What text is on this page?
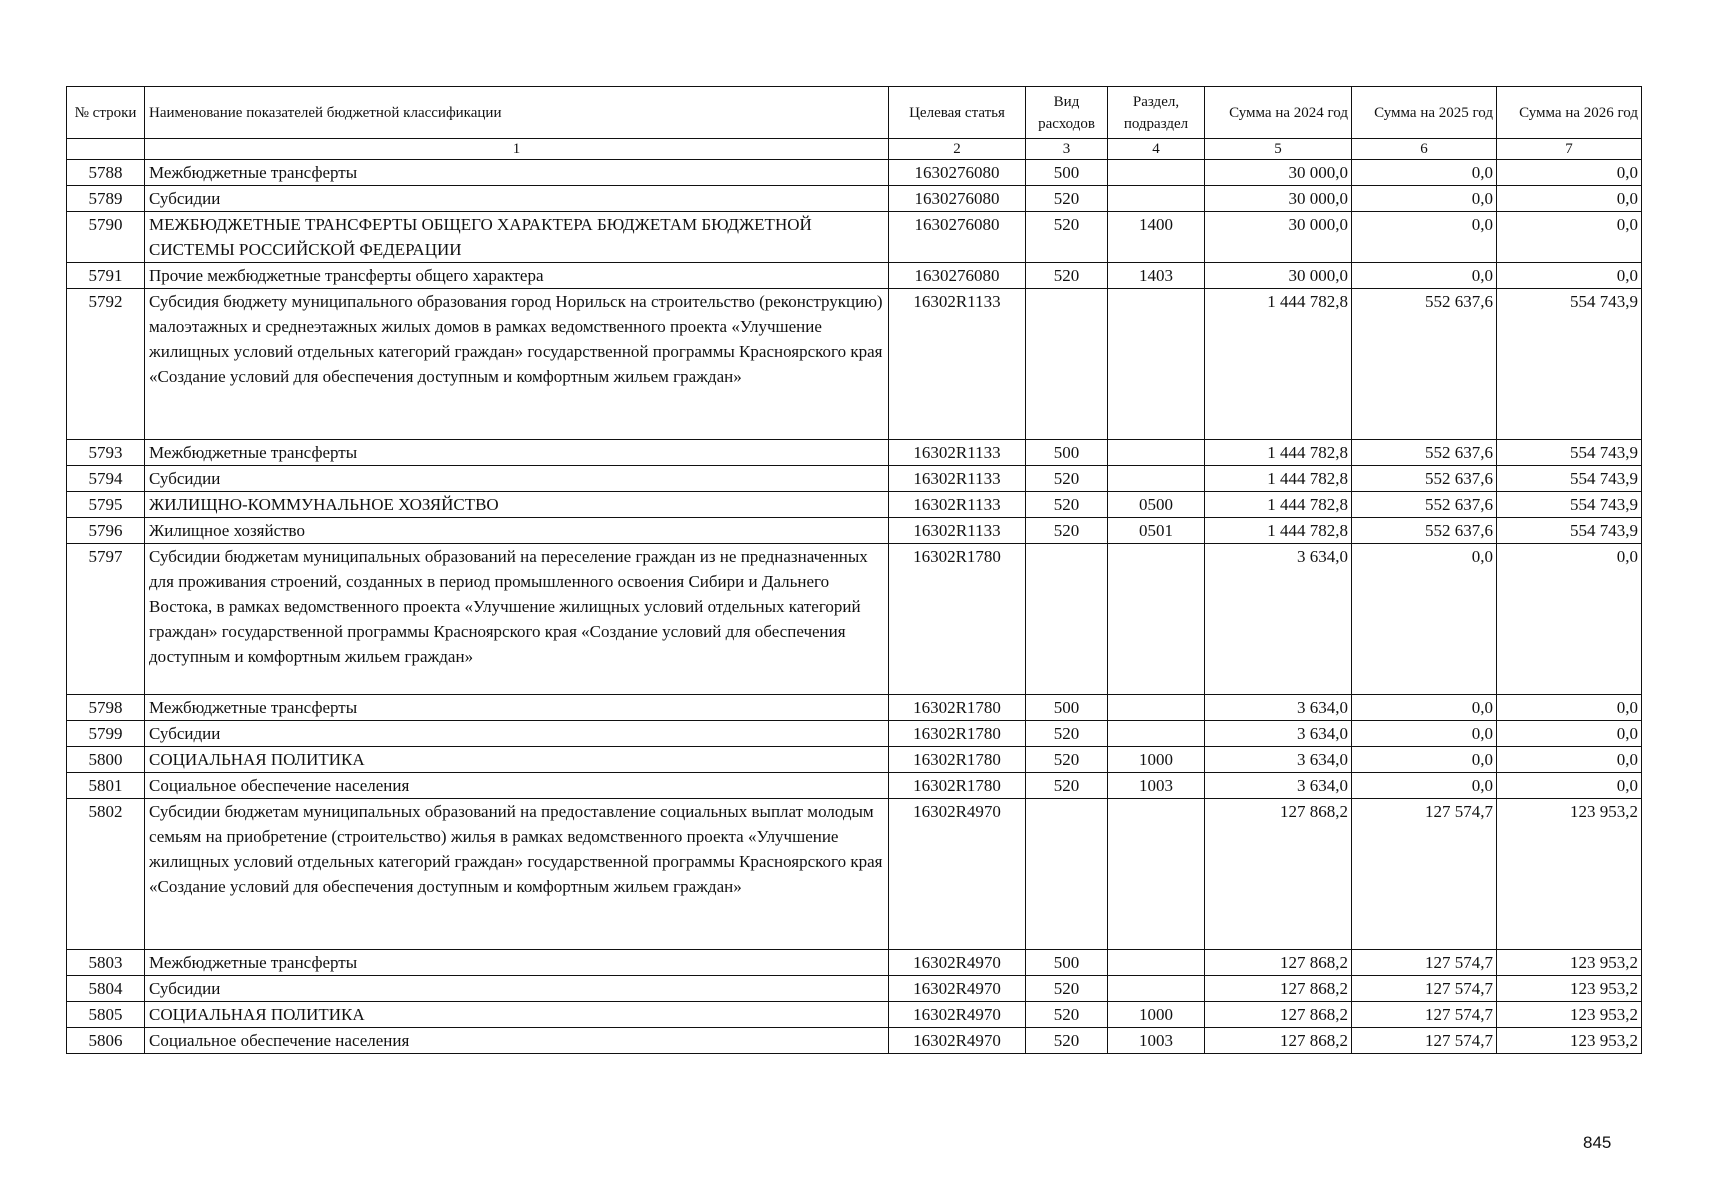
№ строки	Наименование показателей бюджетной классификации	Целевая статья	Вид расходов	Раздел, подраздел	Сумма на 2024 год	Сумма на 2025 год	Сумма на 2026 год
	1	2	3	4	5	6	7
5788	Межбюджетные трансферты	1630276080	500		30 000,0	0,0	0,0
5789	Субсидии	1630276080	520		30 000,0	0,0	0,0
5790	МЕЖБЮДЖЕТНЫЕ ТРАНСФЕРТЫ ОБЩЕГО ХАРАКТЕРА БЮДЖЕТАМ БЮДЖЕТНОЙ СИСТЕМЫ РОССИЙСКОЙ ФЕДЕРАЦИИ	1630276080	520	1400	30 000,0	0,0	0,0
5791	Прочие межбюджетные трансферты общего характера	1630276080	520	1403	30 000,0	0,0	0,0
5792	Субсидия бюджету муниципального образования город Норильск на строительство (реконструкцию) малоэтажных и среднеэтажных жилых домов в рамках ведомственного проекта «Улучшение жилищных условий отдельных категорий граждан» государственной программы Красноярского края «Создание условий для обеспечения доступным и комфортным жильем граждан»	16302R1133			1 444 782,8	552 637,6	554 743,9
5793	Межбюджетные трансферты	16302R1133	500		1 444 782,8	552 637,6	554 743,9
5794	Субсидии	16302R1133	520		1 444 782,8	552 637,6	554 743,9
5795	ЖИЛИЩНО-КОММУНАЛЬНОЕ ХОЗЯЙСТВО	16302R1133	520	0500	1 444 782,8	552 637,6	554 743,9
5796	Жилищное хозяйство	16302R1133	520	0501	1 444 782,8	552 637,6	554 743,9
5797	Субсидии бюджетам муниципальных образований на переселение граждан из не предназначенных для проживания строений, созданных в период промышленного освоения Сибири и Дальнего Востока, в рамках ведомственного проекта «Улучшение жилищных условий отдельных категорий граждан» государственной программы Красноярского края «Создание условий для обеспечения доступным и комфортным жильем граждан»	16302R1780			3 634,0	0,0	0,0
5798	Межбюджетные трансферты	16302R1780	500		3 634,0	0,0	0,0
5799	Субсидии	16302R1780	520		3 634,0	0,0	0,0
5800	СОЦИАЛЬНАЯ ПОЛИТИКА	16302R1780	520	1000	3 634,0	0,0	0,0
5801	Социальное обеспечение населения	16302R1780	520	1003	3 634,0	0,0	0,0
5802	Субсидии бюджетам муниципальных образований на предоставление социальных выплат молодым семьям на приобретение (строительство) жилья в рамках ведомственного проекта «Улучшение жилищных условий отдельных категорий граждан» государственной программы Красноярского края «Создание условий для обеспечения доступным и комфортным жильем граждан»	16302R4970			127 868,2	127 574,7	123 953,2
5803	Межбюджетные трансферты	16302R4970	500		127 868,2	127 574,7	123 953,2
5804	Субсидии	16302R4970	520		127 868,2	127 574,7	123 953,2
5805	СОЦИАЛЬНАЯ ПОЛИТИКА	16302R4970	520	1000	127 868,2	127 574,7	123 953,2
5806	Социальное обеспечение населения	16302R4970	520	1003	127 868,2	127 574,7	123 953,2
845
